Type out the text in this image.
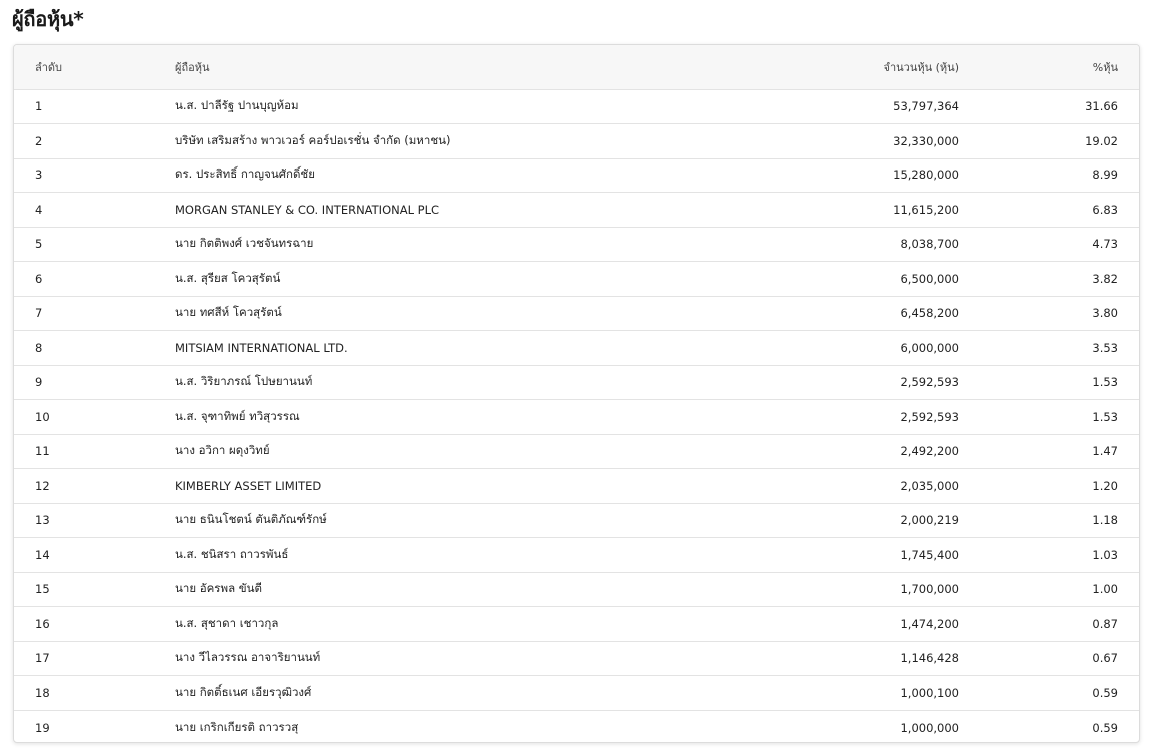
ผู้ถือหุ้น*
ลำดับ	ผู้ถือหุ้น	จำนวนหุ้น (หุ้น)	%หุ้น
1	น.ส. ปาลีรัฐ ปานบุญห้อม	53,797,364	31.66
2	บริษัท เสริมสร้าง พาวเวอร์ คอร์ปอเรชั่น จำกัด (มหาชน)	32,330,000	19.02
3	ดร. ประสิทธิ์ กาญจนศักดิ์ชัย	15,280,000	8.99
4	MORGAN STANLEY & CO. INTERNATIONAL PLC	11,615,200	6.83
5	นาย กิตติพงศ์ เวชจันทรฉาย	8,038,700	4.73
6	น.ส. สุรียส โควสุรัตน์	6,500,000	3.82
7	นาย ทศสีห์ โควสุรัตน์	6,458,200	3.80
8	MITSIAM INTERNATIONAL LTD.	6,000,000	3.53
9	น.ส. วิริยาภรณ์ โปษยานนท์	2,592,593	1.53
10	น.ส. จุฑาทิพย์ ทวิสุวรรณ	2,592,593	1.53
11	นาง อวิกา ผดุงวิทย์	2,492,200	1.47
12	KIMBERLY ASSET LIMITED	2,035,000	1.20
13	นาย ธนินโชตน์ ตันติภัณฑ์รักษ์	2,000,219	1.18
14	น.ส. ชนิสรา ถาวรพันธ์	1,745,400	1.03
15	นาย อัครพล ขันตี	1,700,000	1.00
16	น.ส. สุชาดา เชาวกุล	1,474,200	0.87
17	นาง วีไลวรรณ อาจาริยานนท์	1,146,428	0.67
18	นาย กิตติ์ธเนศ เอียรวุฒิวงศ์	1,000,100	0.59
19	นาย เกริกเกียรติ ถาวรวสุ	1,000,000	0.59
